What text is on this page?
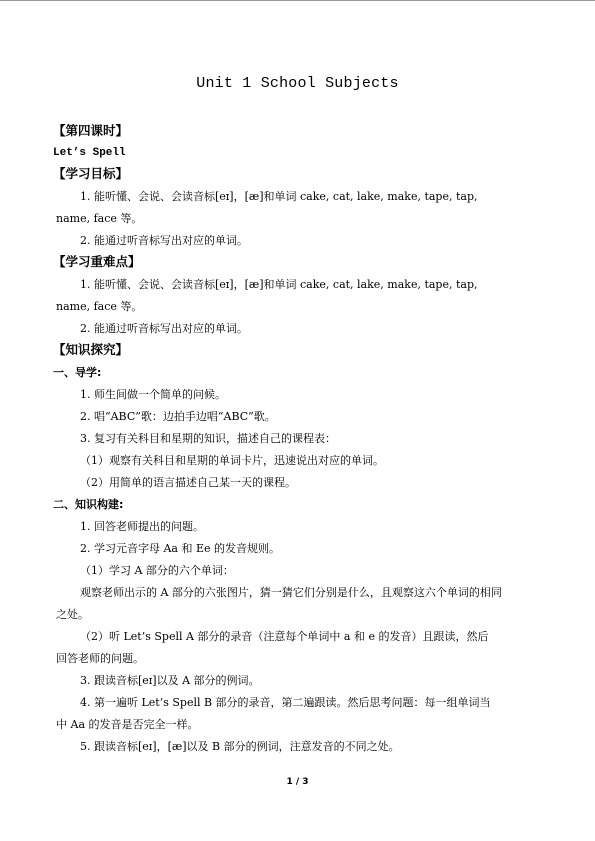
Unit 1 School Subjects
【第四课时】
Let’s Spell
【学习目标】
1. 能听懂、会说、会读音标[eɪ]，[æ]和单词 cake, cat, lake, make, tape, tap,
name, face 等。
2. 能通过听音标写出对应的单词。
【学习重难点】
1. 能听懂、会说、会读音标[eɪ]，[æ]和单词 cake, cat, lake, make, tape, tap,
name, face 等。
2. 能通过听音标写出对应的单词。
【知识探究】
一、导学:
1. 师生间做一个简单的问候。
2. 唱“ABC”歌：边拍手边唱“ABC”歌。
3. 复习有关科目和星期的知识，描述自己的课程表：
（1）观察有关科目和星期的单词卡片，迅速说出对应的单词。
（2）用简单的语言描述自己某一天的课程。
二、知识构建:
1. 回答老师提出的问题。
2. 学习元音字母 Aa 和 Ee 的发音规则。
（1）学习 A 部分的六个单词：
观察老师出示的 A 部分的六张图片，猜一猜它们分别是什么，且观察这六个单词的相同
之处。
（2）听 Let’s Spell A 部分的录音（注意每个单词中 a 和 e 的发音）且跟读，然后
回答老师的问题。
3. 跟读音标[eɪ]以及 A 部分的例词。
4. 第一遍听 Let’s Spell B 部分的录音，第二遍跟读。然后思考问题：每一组单词当
中 Aa 的发音是否完全一样。
5. 跟读音标[eɪ]，[æ]以及 B 部分的例词，注意发音的不同之处。
1 / 3
